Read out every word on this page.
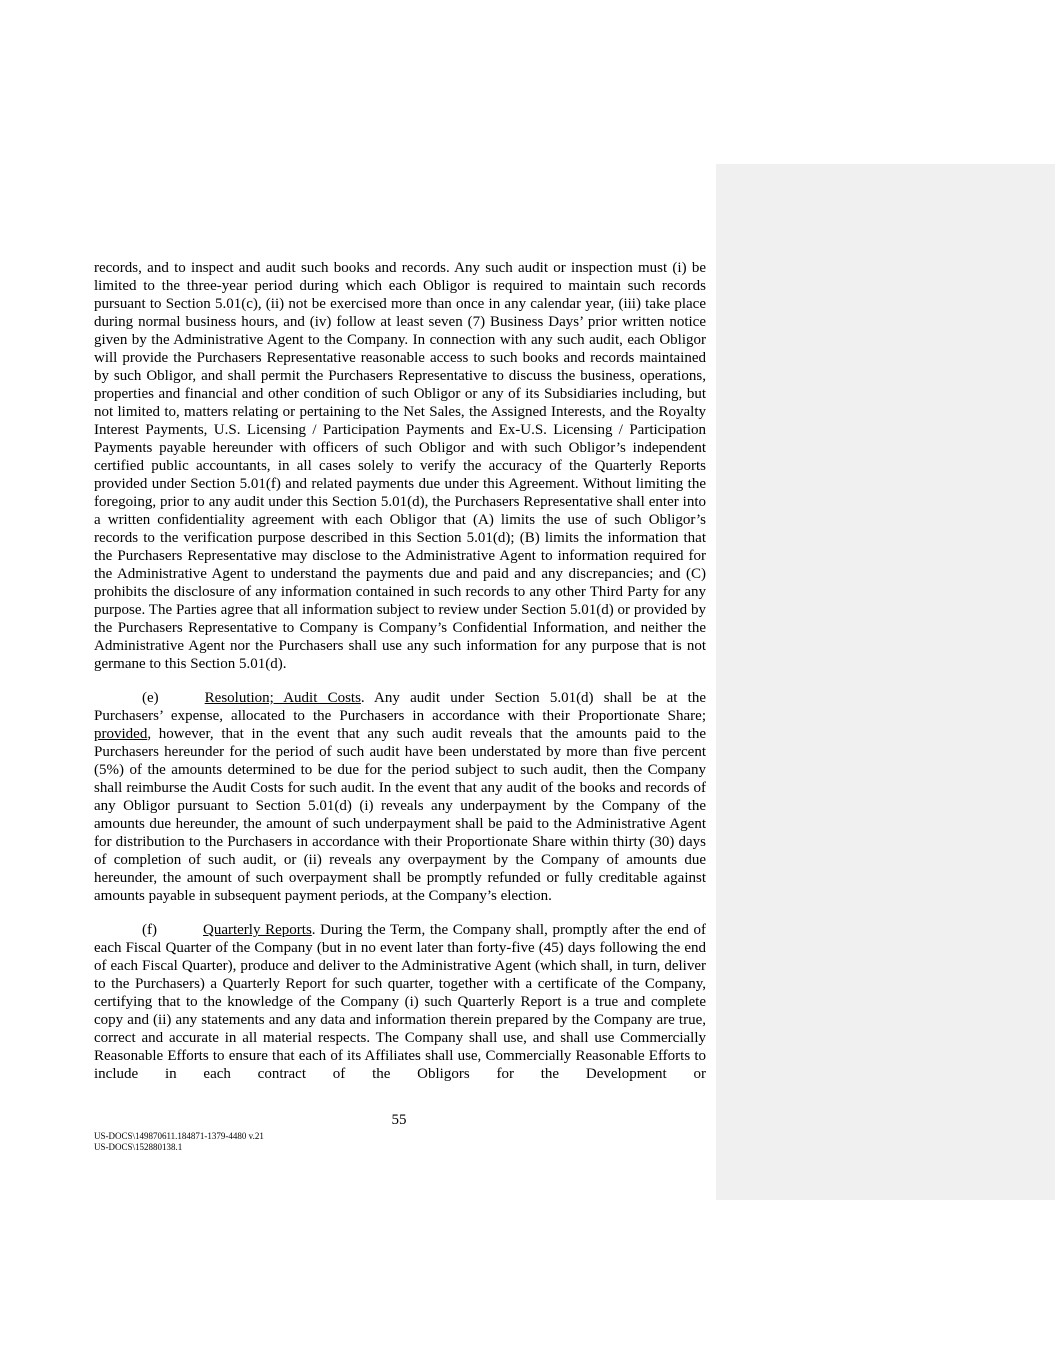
records, and to inspect and audit such books and records. Any such audit or inspection must (i) be limited to the three-year period during which each Obligor is required to maintain such records pursuant to Section 5.01(c), (ii) not be exercised more than once in any calendar year, (iii) take place during normal business hours, and (iv) follow at least seven (7) Business Days’ prior written notice given by the Administrative Agent to the Company. In connection with any such audit, each Obligor will provide the Purchasers Representative reasonable access to such books and records maintained by such Obligor, and shall permit the Purchasers Representative to discuss the business, operations, properties and financial and other condition of such Obligor or any of its Subsidiaries including, but not limited to, matters relating or pertaining to the Net Sales, the Assigned Interests, and the Royalty Interest Payments, U.S. Licensing / Participation Payments and Ex-U.S. Licensing / Participation Payments payable hereunder with officers of such Obligor and with such Obligor’s independent certified public accountants, in all cases solely to verify the accuracy of the Quarterly Reports provided under Section 5.01(f) and related payments due under this Agreement. Without limiting the foregoing, prior to any audit under this Section 5.01(d), the Purchasers Representative shall enter into a written confidentiality agreement with each Obligor that (A) limits the use of such Obligor’s records to the verification purpose described in this Section 5.01(d); (B) limits the information that the Purchasers Representative may disclose to the Administrative Agent to information required for the Administrative Agent to understand the payments due and paid and any discrepancies; and (C) prohibits the disclosure of any information contained in such records to any other Third Party for any purpose. The Parties agree that all information subject to review under Section 5.01(d) or provided by the Purchasers Representative to Company is Company’s Confidential Information, and neither the Administrative Agent nor the Purchasers shall use any such information for any purpose that is not germane to this Section 5.01(d).

(e)	Resolution; Audit Costs. Any audit under Section 5.01(d) shall be at the Purchasers’ expense, allocated to the Purchasers in accordance with their Proportionate Share; provided, however, that in the event that any such audit reveals that the amounts paid to the Purchasers hereunder for the period of such audit have been understated by more than five percent (5%) of the amounts determined to be due for the period subject to such audit, then the Company shall reimburse the Audit Costs for such audit. In the event that any audit of the books and records of any Obligor pursuant to Section 5.01(d) (i) reveals any underpayment by the Company of the amounts due hereunder, the amount of such underpayment shall be paid to the Administrative Agent for distribution to the Purchasers in accordance with their Proportionate Share within thirty (30) days of completion of such audit, or (ii) reveals any overpayment by the Company of amounts due hereunder, the amount of such overpayment shall be promptly refunded or fully creditable against amounts payable in subsequent payment periods, at the Company’s election.

(f)	Quarterly Reports. During the Term, the Company shall, promptly after the end of each Fiscal Quarter of the Company (but in no event later than forty-five (45) days following the end of each Fiscal Quarter), produce and deliver to the Administrative Agent (which shall, in turn, deliver to the Purchasers) a Quarterly Report for such quarter, together with a certificate of the Company, certifying that to the knowledge of the Company (i) such Quarterly Report is a true and complete copy and (ii) any statements and any data and information therein prepared by the Company are true, correct and accurate in all material respects. The Company shall use, and shall use Commercially Reasonable Efforts to ensure that each of its Affiliates shall use, Commercially Reasonable Efforts to include in each contract of the Obligors for the Development or

55
US-DOCS\149870611.184871-1379-4480 v.21
US-DOCS\152880138.1
